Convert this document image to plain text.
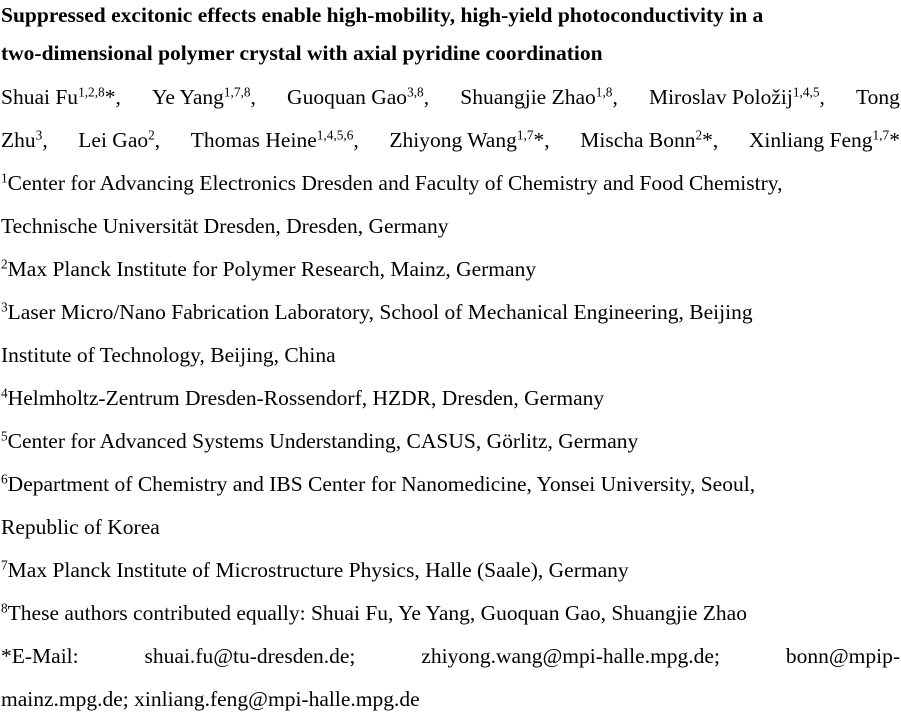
Suppressed excitonic effects enable high-mobility, high-yield photoconductivity in a
two-dimensional polymer crystal with axial pyridine coordination
Shuai Fu$^{1,2,8}$*, Ye Yang$^{1,7,8}$, Guoquan Gao$^{3,8}$, Shuangjie Zhao$^{1,8}$, Miroslav Položij$^{1,4,5}$, Tong
Zhu$^3$, Lei Gao$^2$, Thomas Heine$^{1,4,5,6}$, Zhiyong Wang$^{1,7}$*, Mischa Bonn$^2$*, Xinliang Feng$^{1,7}$*
$^1$Center for Advancing Electronics Dresden and Faculty of Chemistry and Food Chemistry,
Technische Universität Dresden, Dresden, Germany
$^2$Max Planck Institute for Polymer Research, Mainz, Germany
$^3$Laser Micro/Nano Fabrication Laboratory, School of Mechanical Engineering, Beijing
Institute of Technology, Beijing, China
$^4$Helmholtz-Zentrum Dresden-Rossendorf, HZDR, Dresden, Germany
$^5$Center for Advanced Systems Understanding, CASUS, Görlitz, Germany
$^6$Department of Chemistry and IBS Center for Nanomedicine, Yonsei University, Seoul,
Republic of Korea
$^7$Max Planck Institute of Microstructure Physics, Halle (Saale), Germany
$^8$These authors contributed equally: Shuai Fu, Ye Yang, Guoquan Gao, Shuangjie Zhao
*E-Mail:	shuai.fu@tu-dresden.de;	zhiyong.wang@mpi-halle.mpg.de;	bonn@mpip-
mainz.mpg.de; xinliang.feng@mpi-halle.mpg.de
